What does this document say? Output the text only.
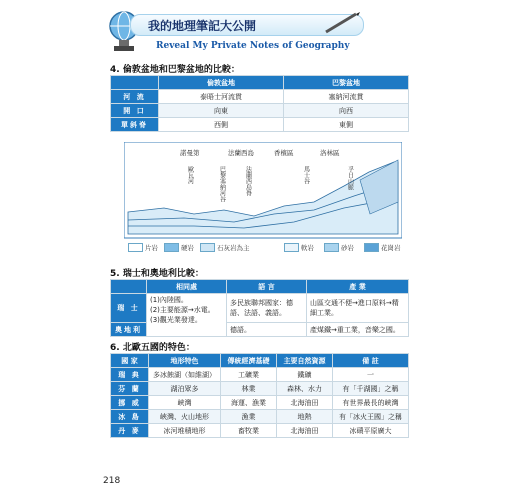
我的地理筆記大公開
Reveal My Private Notes of Geography
4. 倫敦盆地和巴黎盆地的比較：
	倫敦盆地	巴黎盆地
河 流	泰晤士河流貫	塞納河流貫
開 口	向東	向西
單斜脊	西側	東側
諾曼第	法蘭西島	香檳區	洛林區
歐瓦河	巴黎塞納河谷	法蘭西島脊	馬士谷	孚日山脈
片岩	硬岩	石灰岩為主	軟岩	砂岩	花崗岩
5. 瑞士和奧地利比較：
	相同處	語 言	產 業
瑞 士	(1)內陸國。
(2)主要能源→水電。
(3)觀光業發達。	多民族聯邦國家：德語、法語、義語。	山區交通不便→進口原料→精細工業。
奧地利		德語。	產煤鐵→重工業，音樂之國。
6. 北歐五國的特色：
國 家	地形特色	傳統經濟基礎	主要自然資源	備 註
瑞 典	多冰蝕湖（如維湖）	工礦業	鐵礦	一
芬 蘭	湖泊眾多	林業	森林、水力	有「千湖國」之稱
挪 威	峽灣	海運、漁業	北海油田	有世界最長的峽灣
冰 島	峽灣、火山地形	漁業	地熱	有「冰火王國」之稱
丹 麥	冰河堆積地形	畜牧業	北海油田	冰磧平原廣大
218
